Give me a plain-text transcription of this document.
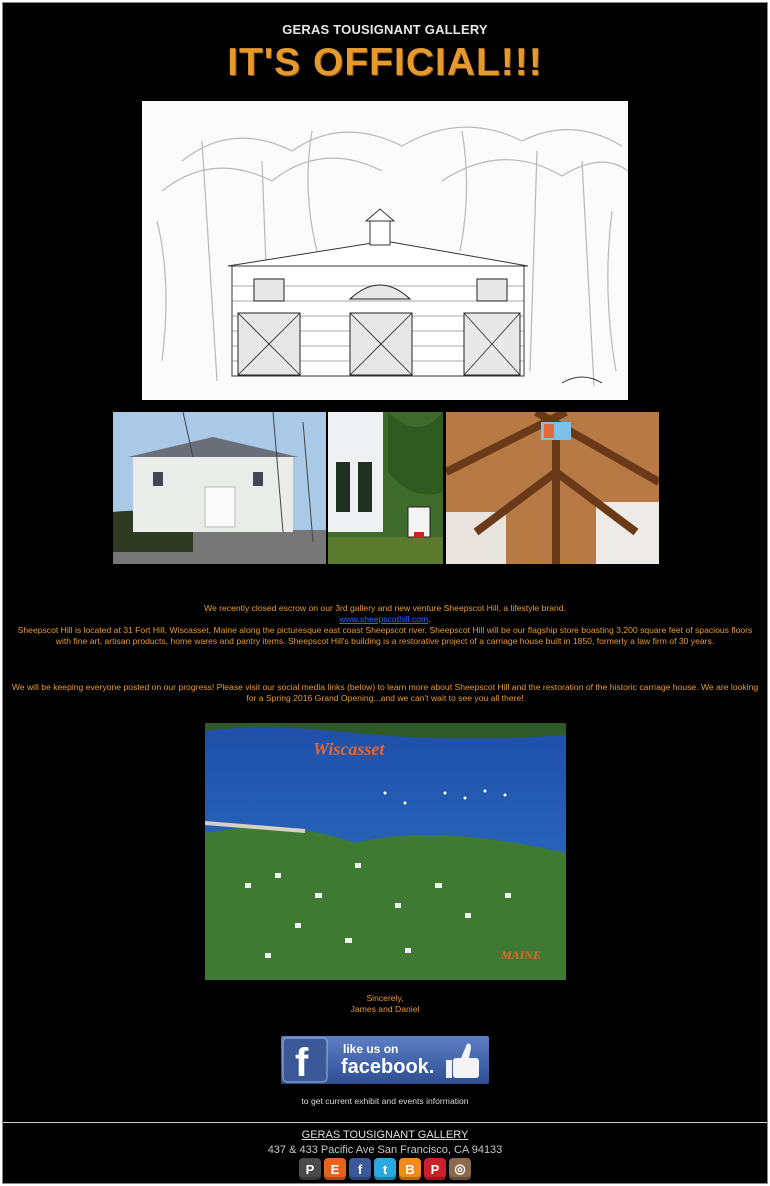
GERAS TOUSIGNANT GALLERY
IT'S OFFICIAL!!!
We recently closed escrow on our 3rd gallery and new venture Sheepscot Hill, a lifestyle brand.
www.sheepscothill.com.
Sheepscot Hill is located at 31 Fort Hill, Wiscasset, Maine along the picturesque east coast Sheepscot river. Sheepscot Hill will be our flagship store boasting 3,200 square feet of spacious floors with fine art, artisan products, home wares and pantry items. Sheepscot Hill's building is a restorative project of a carriage house built in 1850, formerly a law firm of 30 years.
We will be keeping everyone posted on our progress! Please visit our social media links (below) to learn more about Sheepscot Hill and the restoration of the historic carriage house. We are looking for a Spring 2016 Grand Opening...and we can't wait to see you all there!
Wiscasset
MAINE
Sincerely,
James and Daniel
f	like us on
facebook.
to get current exhibit and events information
GERAS TOUSIGNANT GALLERY
437 & 433 Pacific Ave San Francisco, CA 94133
P	E	f	t	B	P	◎
